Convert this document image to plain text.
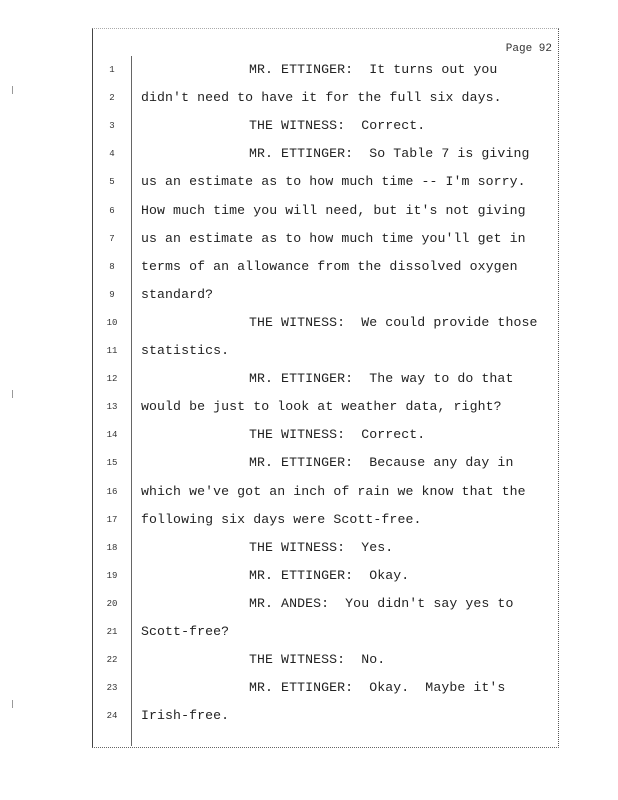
Page 92
1	MR. ETTINGER:  It turns out you
2	didn't need to have it for the full six days.
3	THE WITNESS:  Correct.
4	MR. ETTINGER:  So Table 7 is giving
5	us an estimate as to how much time -- I'm sorry.
6	How much time you will need, but it's not giving
7	us an estimate as to how much time you'll get in
8	terms of an allowance from the dissolved oxygen
9	standard?
10	THE WITNESS:  We could provide those
11	statistics.
12	MR. ETTINGER:  The way to do that
13	would be just to look at weather data, right?
14	THE WITNESS:  Correct.
15	MR. ETTINGER:  Because any day in
16	which we've got an inch of rain we know that the
17	following six days were Scott-free.
18	THE WITNESS:  Yes.
19	MR. ETTINGER:  Okay.
20	MR. ANDES:  You didn't say yes to
21	Scott-free?
22	THE WITNESS:  No.
23	MR. ETTINGER:  Okay.  Maybe it's
24	Irish-free.
